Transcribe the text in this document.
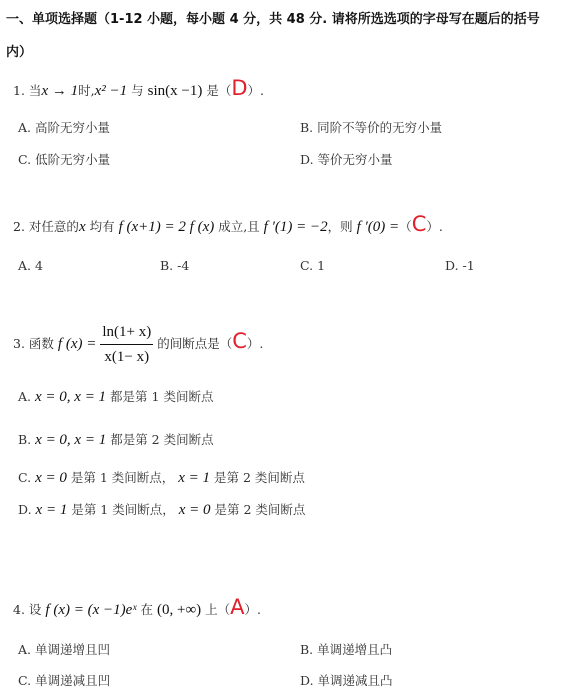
一、单项选择题（1-12 小题，每小题 4 分，共 48 分. 请将所选选项的字母写在题后的括号
内）
1. 当x → 1时,x² −1 与 sin(x −1) 是（D）.
A. 高阶无穷小量	B. 同阶不等价的无穷小量
C. 低阶无穷小量	D. 等价无穷小量
2. 对任意的x 均有 f (x+1) = 2 f (x) 成立,且 f ′(1) = −2，则 f ′(0) =（C）.
A. 4	B. -4	C. 1	D. -1
3. 函数 f $(x) = \frac{\ln(1+ x)}{x(1- x)}$ 的间断点是（C）.
A. x = 0, x = 1 都是第 1 类间断点
B. x = 0, x = 1 都是第 2 类间断点
C. x = 0 是第 1 类间断点， x = 1 是第 2 类间断点
D. x = 1 是第 1 类间断点， x = 0 是第 2 类间断点
4. 设 f (x) = (x −1)eˣ 在 (0, +∞) 上（A）.
A. 单调递增且凹	B. 单调递增且凸
C. 单调递减且凹	D. 单调递减且凸
